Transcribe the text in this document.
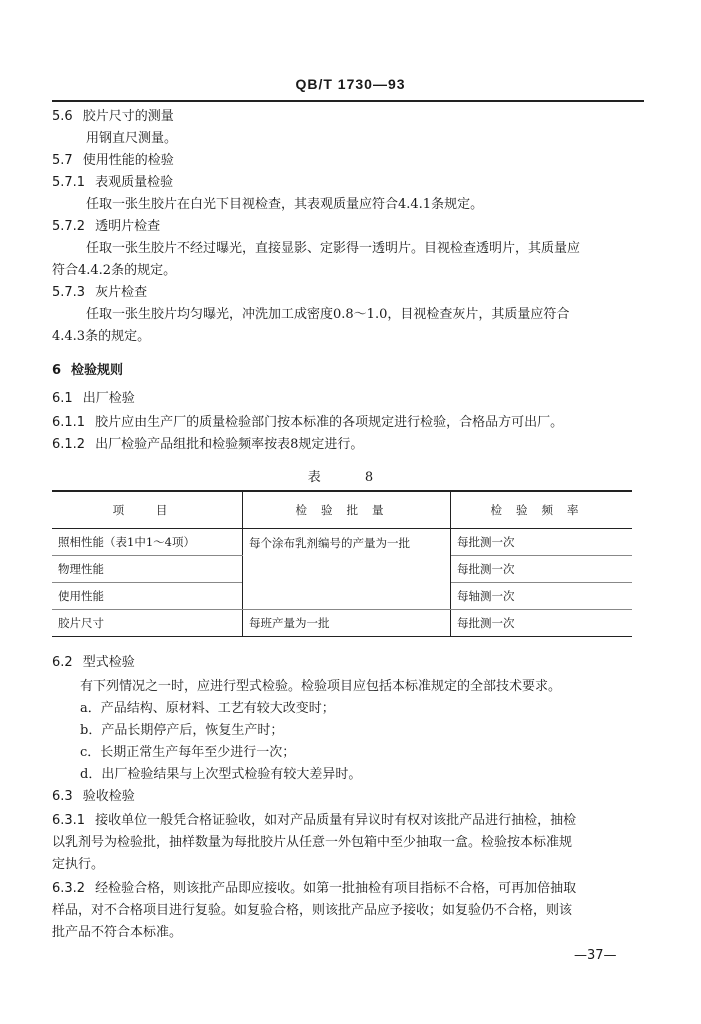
QB/T 1730—93
5.6 胶片尺寸的测量
用钢直尺测量。
5.7 使用性能的检验
5.7.1 表观质量检验
任取一张生胶片在白光下目视检查，其表观质量应符合4.4.1条规定。
5.7.2 透明片检查
任取一张生胶片不经过曝光，直接显影、定影得一透明片。目视检查透明片，其质量应
符合4.4.2条的规定。
5.7.3 灰片检查
任取一张生胶片均匀曝光，冲洗加工成密度0.8～1.0，目视检查灰片，其质量应符合
4.4.3条的规定。
6 检验规则
6.1 出厂检验
6.1.1 胶片应由生产厂的质量检验部门按本标准的各项规定进行检验，合格品方可出厂。
6.1.2 出厂检验产品组批和检验频率按表8规定进行。
表 8
项 目	检验批量	检验频率
照相性能（表1中1～4项）	每个涂布乳剂编号的产量为一批	每批测一次
物理性能		每批测一次
使用性能		每轴测一次
胶片尺寸	每班产量为一批	每批测一次
6.2 型式检验
有下列情况之一时，应进行型式检验。检验项目应包括本标准规定的全部技术要求。
a．产品结构、原材料、工艺有较大改变时；
b．产品长期停产后，恢复生产时；
c．长期正常生产每年至少进行一次；
d．出厂检验结果与上次型式检验有较大差异时。
6.3 验收检验
6.3.1 接收单位一般凭合格证验收，如对产品质量有异议时有权对该批产品进行抽检，抽检
以乳剂号为检验批，抽样数量为每批胶片从任意一外包箱中至少抽取一盒。检验按本标准规
定执行。
6.3.2 经检验合格，则该批产品即应接收。如第一批抽检有项目指标不合格，可再加倍抽取
样品，对不合格项目进行复验。如复验合格，则该批产品应予接收；如复验仍不合格，则该
批产品不符合本标准。
—37—
